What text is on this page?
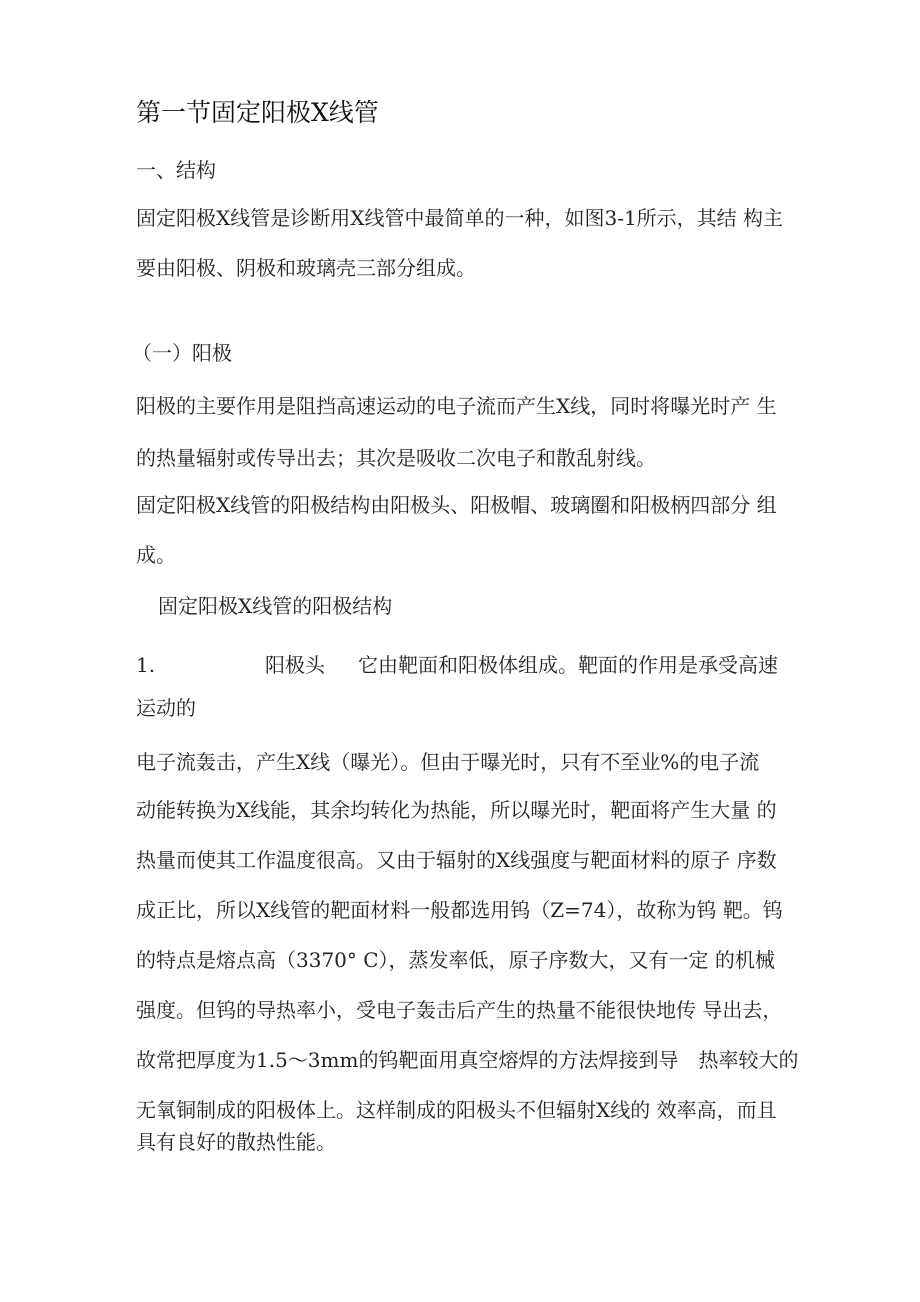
第一节固定阳极X线管
一、结构
固定阳极X线管是诊断用X线管中最简单的一种，如图3-1所示，其结 构主
要由阳极、阴极和玻璃壳三部分组成。
（一）阳极
阳极的主要作用是阻挡高速运动的电子流而产生X线，同时将曝光时产 生
的热量辐射或传导出去；其次是吸收二次电子和散乱射线。
固定阳极X线管的阳极结构由阳极头、阳极帽、玻璃圈和阳极柄四部分 组
成。
固定阳极X线管的阳极结构
1.	阳极头 它由靶面和阳极体组成。靶面的作用是承受高速
运动的
电子流轰击，产生X线（曝光）。但由于曝光时，只有不至业%的电子流
动能转换为X线能，其余均转化为热能，所以曝光时，靶面将产生大量 的
热量而使其工作温度很高。又由于辐射的X线强度与靶面材料的原子 序数
成正比，所以X线管的靶面材料一般都选用钨（Z=74），故称为钨 靶。钨
的特点是熔点高（3370° C），蒸发率低，原子序数大，又有一定 的机械
强度。但钨的导热率小，受电子轰击后产生的热量不能很快地传 导出去，
故常把厚度为1.5〜3mm的钨靶面用真空熔焊的方法焊接到导　热率较大的
无氧铜制成的阳极体上。这样制成的阳极头不但辐射X线的 效率高，而且
具有良好的散热性能。
